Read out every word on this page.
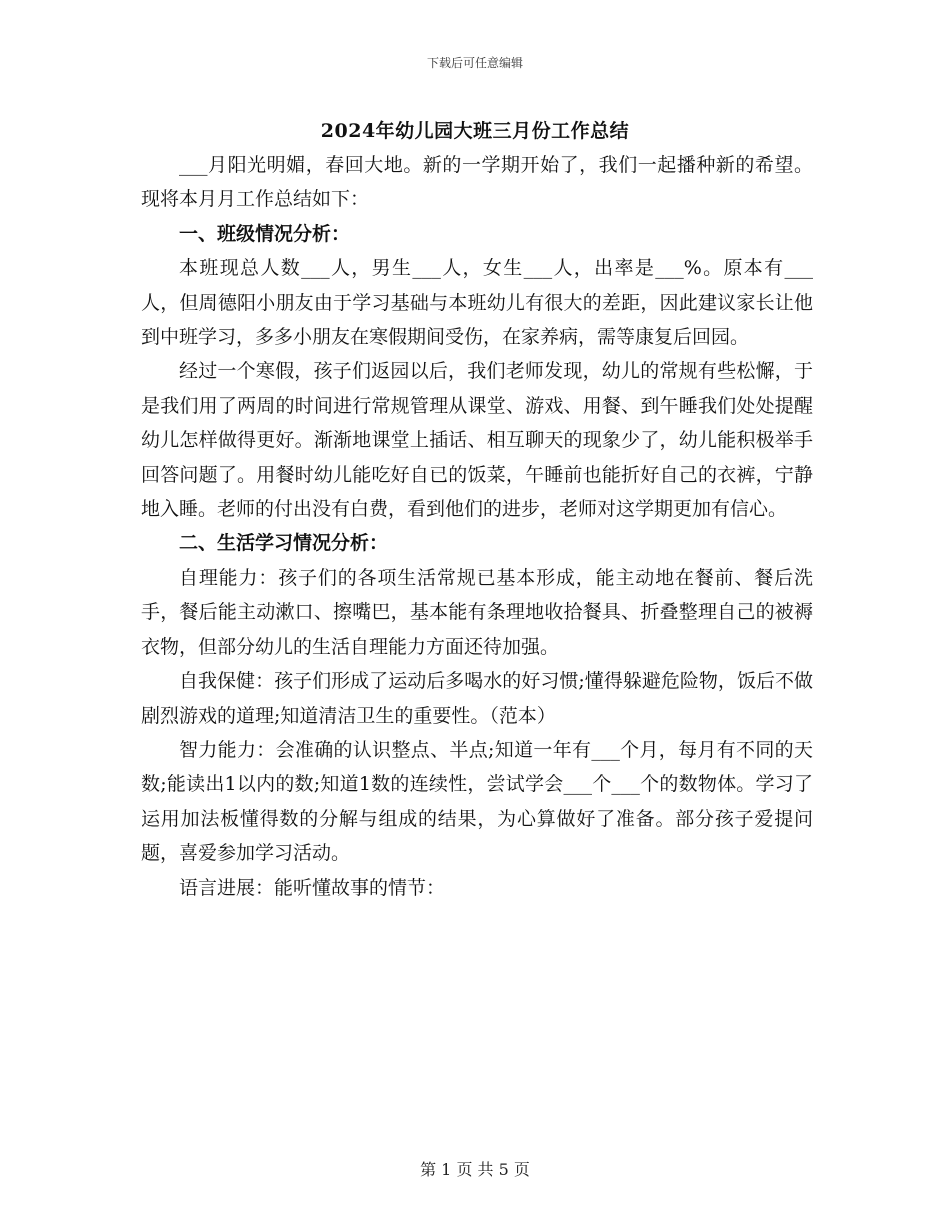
下载后可任意编辑
2024年幼儿园大班三月份工作总结

___月阳光明媚，春回大地。新的一学期开始了，我们一起播种新的希望。现将本月月工作总结如下：

一、班级情况分析：

本班现总人数___人，男生___人，女生___人，出率是___%。原本有___人，但周德阳小朋友由于学习基础与本班幼儿有很大的差距，因此建议家长让他到中班学习，多多小朋友在寒假期间受伤，在家养病，需等康复后回园。

经过一个寒假，孩子们返园以后，我们老师发现，幼儿的常规有些松懈，于是我们用了两周的时间进行常规管理从课堂、游戏、用餐、到午睡我们处处提醒幼儿怎样做得更好。渐渐地课堂上插话、相互聊天的现象少了，幼儿能积极举手回答问题了。用餐时幼儿能吃好自已的饭菜，午睡前也能折好自己的衣裤，宁静地入睡。老师的付出没有白费，看到他们的进步，老师对这学期更加有信心。

二、生活学习情况分析：

自理能力：孩子们的各项生活常规已基本形成，能主动地在餐前、餐后洗手，餐后能主动漱口、擦嘴巴，基本能有条理地收拾餐具、折叠整理自己的被褥衣物，但部分幼儿的生活自理能力方面还待加强。

自我保健：孩子们形成了运动后多喝水的好习惯;懂得躲避危险物，饭后不做剧烈游戏的道理;知道清洁卫生的重要性。（范本）

智力能力：会准确的认识整点、半点;知道一年有___个月，每月有不同的天数;能读出1以内的数;知道1数的连续性，尝试学会___个___个的数物体。学习了运用加法板懂得数的分解与组成的结果，为心算做好了准备。部分孩子爱提问题，喜爱参加学习活动。

语言进展：能听懂故事的情节：

第 1 页 共 5 页
